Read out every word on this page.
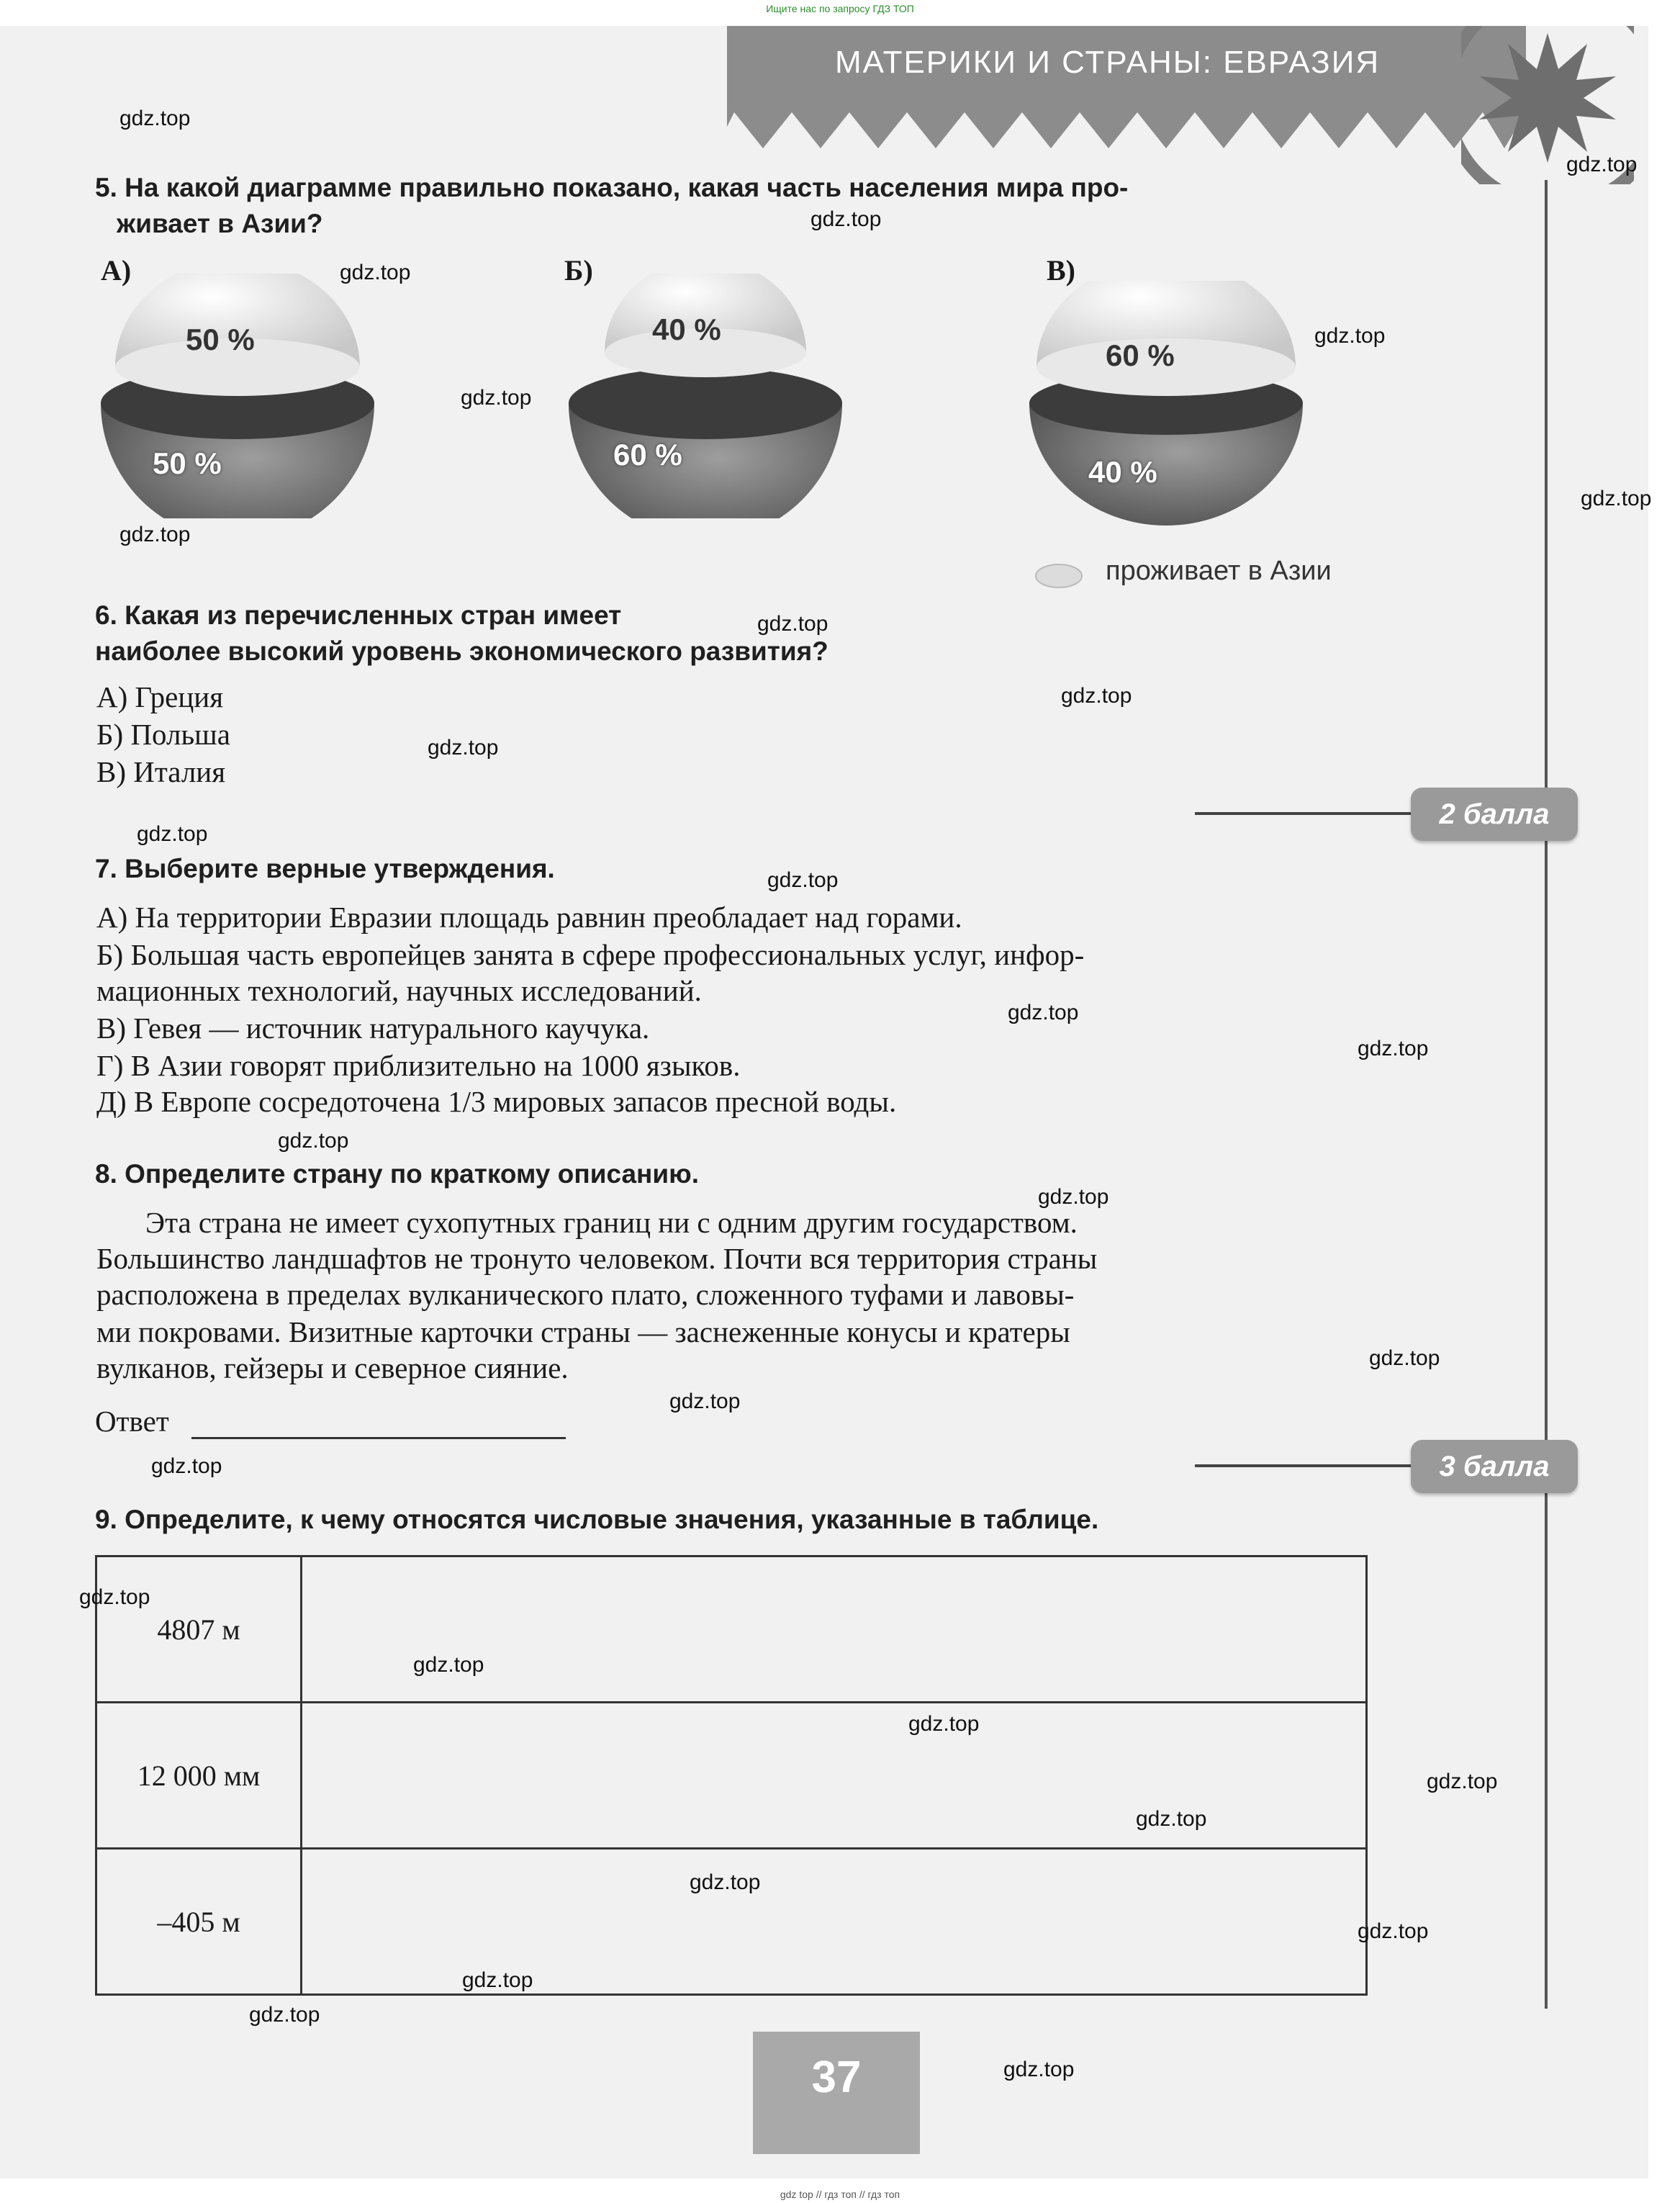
Ищите нас по запросу ГДЗ ТОП
МАТЕРИКИ И СТРАНЫ: ЕВРАЗИЯ
5. На какой диаграмме правильно показано, какая часть населения мира про-
живает в Азии?
А)
50 %
50 %
Б)
40 %
60 %
В)
60 %
40 %
проживает в Азии
6. Какая из перечисленных стран имеет
наиболее высокий уровень экономического развития?
А) Греция
Б) Польша
В) Италия
2 балла
7. Выберите верные утверждения.
А) На территории Евразии площадь равнин преобладает над горами.
Б) Большая часть европейцев занята в сфере профессиональных услуг, инфор-
мационных технологий, научных исследований.
В) Гевея — источник натурального каучука.
Г) В Азии говорят приблизительно на 1000 языков.
Д) В Европе сосредоточена 1/3 мировых запасов пресной воды.
8. Определите страну по краткому описанию.
Эта страна не имеет сухопутных границ ни с одним другим государством.
Большинство ландшафтов не тронуто человеком. Почти вся территория страны
расположена в пределах вулканического плато, сложенного туфами и лавовы-
ми покровами. Визитные карточки страны — заснеженные конусы и кратеры
вулканов, гейзеры и северное сияние.
Ответ
3 балла
9. Определите, к чему относятся числовые значения, указанные в таблице.
4807 м	
12 000 мм	
–405 м	
37
gdz.top
gdz.top
gdz.top
gdz.top
gdz.top
gdz.top
gdz.top
gdz.top
gdz.top
gdz.top
gdz.top
gdz.top
gdz.top
gdz.top
gdz.top
gdz.top
gdz.top
gdz.top
gdz.top
gdz.top
gdz.top
gdz.top
gdz.top
gdz.top
gdz.top
gdz.top
gdz.top
gdz.top
gdz.top
gdz.top
gdz top // гдз топ // гдз топ
